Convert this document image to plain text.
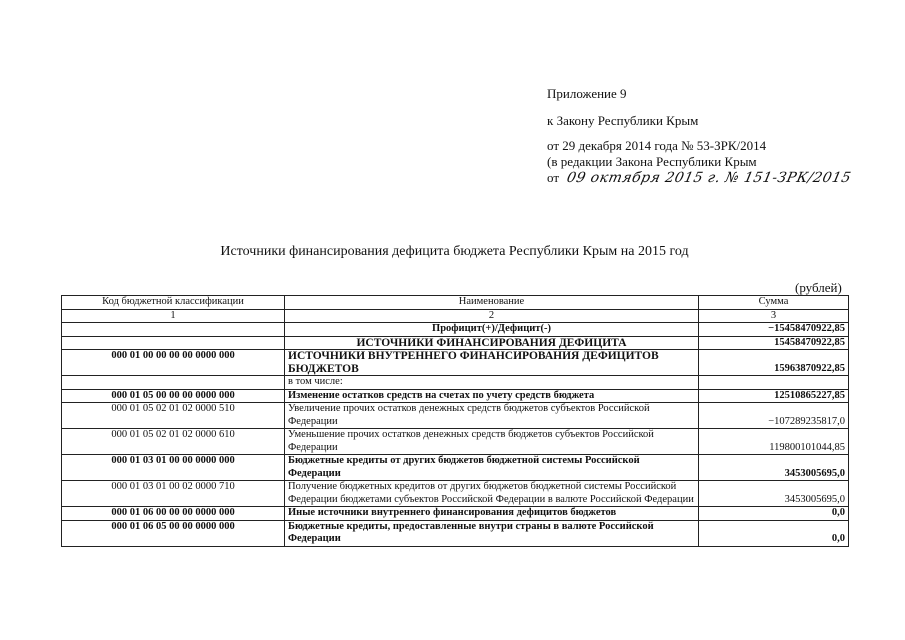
Приложение 9
к Закону Республики Крым
от 29 декабря 2014 года № 53-ЗРК/2014
(в редакции Закона Республики Крым
от 09 октября 2015 г. № 151-ЗРК/2015
Источники финансирования дефицита бюджета Республики Крым на 2015 год
(рублей)
Код бюджетной классификации	Наименование	Сумма
1	2	3
	Профицит(+)/Дефицит(-)	−15458470922,85
	ИСТОЧНИКИ ФИНАНСИРОВАНИЯ ДЕФИЦИТА	15458470922,85
000 01 00 00 00 00 0000 000	ИСТОЧНИКИ ВНУТРЕННЕГО ФИНАНСИРОВАНИЯ ДЕФИЦИТОВ БЮДЖЕТОВ	15963870922,85
	в том числе:	
000 01 05 00 00 00 0000 000	Изменение остатков средств на счетах по учету средств бюджета	12510865227,85
000 01 05 02 01 02 0000 510	Увеличение прочих остатков денежных средств бюджетов субъектов Российской Федерации	−107289235817,0
000 01 05 02 01 02 0000 610	Уменьшение прочих остатков денежных средств бюджетов субъектов Российской Федерации	119800101044,85
000 01 03 01 00 00 0000 000	Бюджетные кредиты от других бюджетов бюджетной системы Российской Федерации	3453005695,0
000 01 03 01 00 02 0000 710	Получение бюджетных кредитов от других бюджетов бюджетной системы Российской Федерации бюджетами субъектов Российской Федерации в валюте Российской Федерации	3453005695,0
000 01 06 00 00 00 0000 000	Иные источники внутреннего финансирования дефицитов бюджетов	0,0
000 01 06 05 00 00 0000 000	Бюджетные кредиты, предоставленные внутри страны в валюте Российской Федерации	0,0
